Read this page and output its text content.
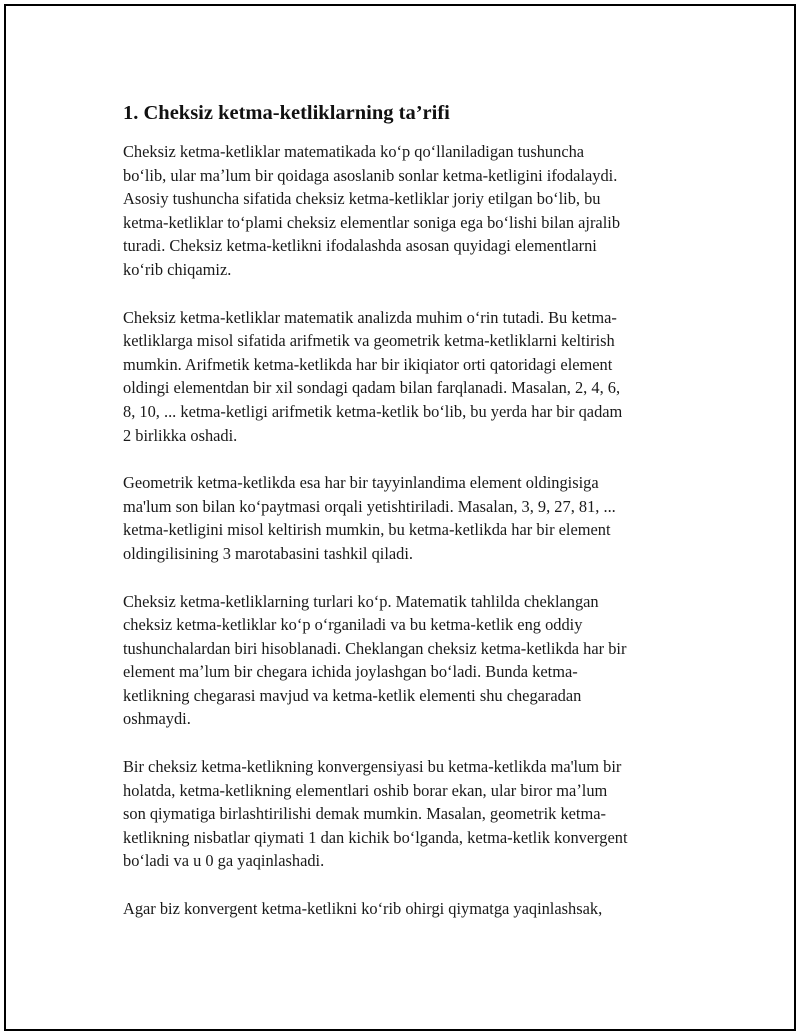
1. Cheksiz ketma-ketliklarning ta’rifi

Cheksiz ketma-ketliklar matematikada koʻp qoʻllaniladigan tushuncha
boʻlib, ular maʼlum bir qoidaga asoslanib sonlar ketma-ketligini ifodalaydi.
Asosiy tushuncha sifatida cheksiz ketma-ketliklar joriy etilgan boʻlib, bu
ketma-ketliklar toʻplami cheksiz elementlar soniga ega boʻlishi bilan ajralib
turadi. Cheksiz ketma-ketlikni ifodalashda asosan quyidagi elementlarni
koʻrib chiqamiz.

Cheksiz ketma-ketliklar matematik analizda muhim oʻrin tutadi. Bu ketma-
ketliklarga misol sifatida arifmetik va geometrik ketma-ketliklarni keltirish
mumkin. Arifmetik ketma-ketlikda har bir ikiqiator orti qatoridagi element
oldingi elementdan bir xil sondagi qadam bilan farqlanadi. Masalan, 2, 4, 6,
8, 10, ... ketma-ketligi arifmetik ketma-ketlik boʻlib, bu yerda har bir qadam
2 birlikka oshadi.

Geometrik ketma-ketlikda esa har bir tayyinlandima element oldingisiga
ma'lum son bilan koʻpaytmasi orqali yetishtiriladi. Masalan, 3, 9, 27, 81, ...
ketma-ketligini misol keltirish mumkin, bu ketma-ketlikda har bir element
oldingilisining 3 marotabasini tashkil qiladi.

Cheksiz ketma-ketliklarning turlari koʻp. Matematik tahlilda cheklangan
cheksiz ketma-ketliklar koʻp oʻrganiladi va bu ketma-ketlik eng oddiy
tushunchalardan biri hisoblanadi. Cheklangan cheksiz ketma-ketlikda har bir
element maʼlum bir chegara ichida joylashgan boʻladi. Bunda ketma-
ketlikning chegarasi mavjud va ketma-ketlik elementi shu chegaradan
oshmaydi.

Bir cheksiz ketma-ketlikning konvergensiyasi bu ketma-ketlikda ma'lum bir
holatda, ketma-ketlikning elementlari oshib borar ekan, ular biror maʼlum
son qiymatiga birlashtirilishi demak mumkin. Masalan, geometrik ketma-
ketlikning nisbatlar qiymati 1 dan kichik boʻlganda, ketma-ketlik konvergent
boʻladi va u 0 ga yaqinlashadi.

Agar biz konvergent ketma-ketlikni koʻrib ohirgi qiymatga yaqinlashsak,
